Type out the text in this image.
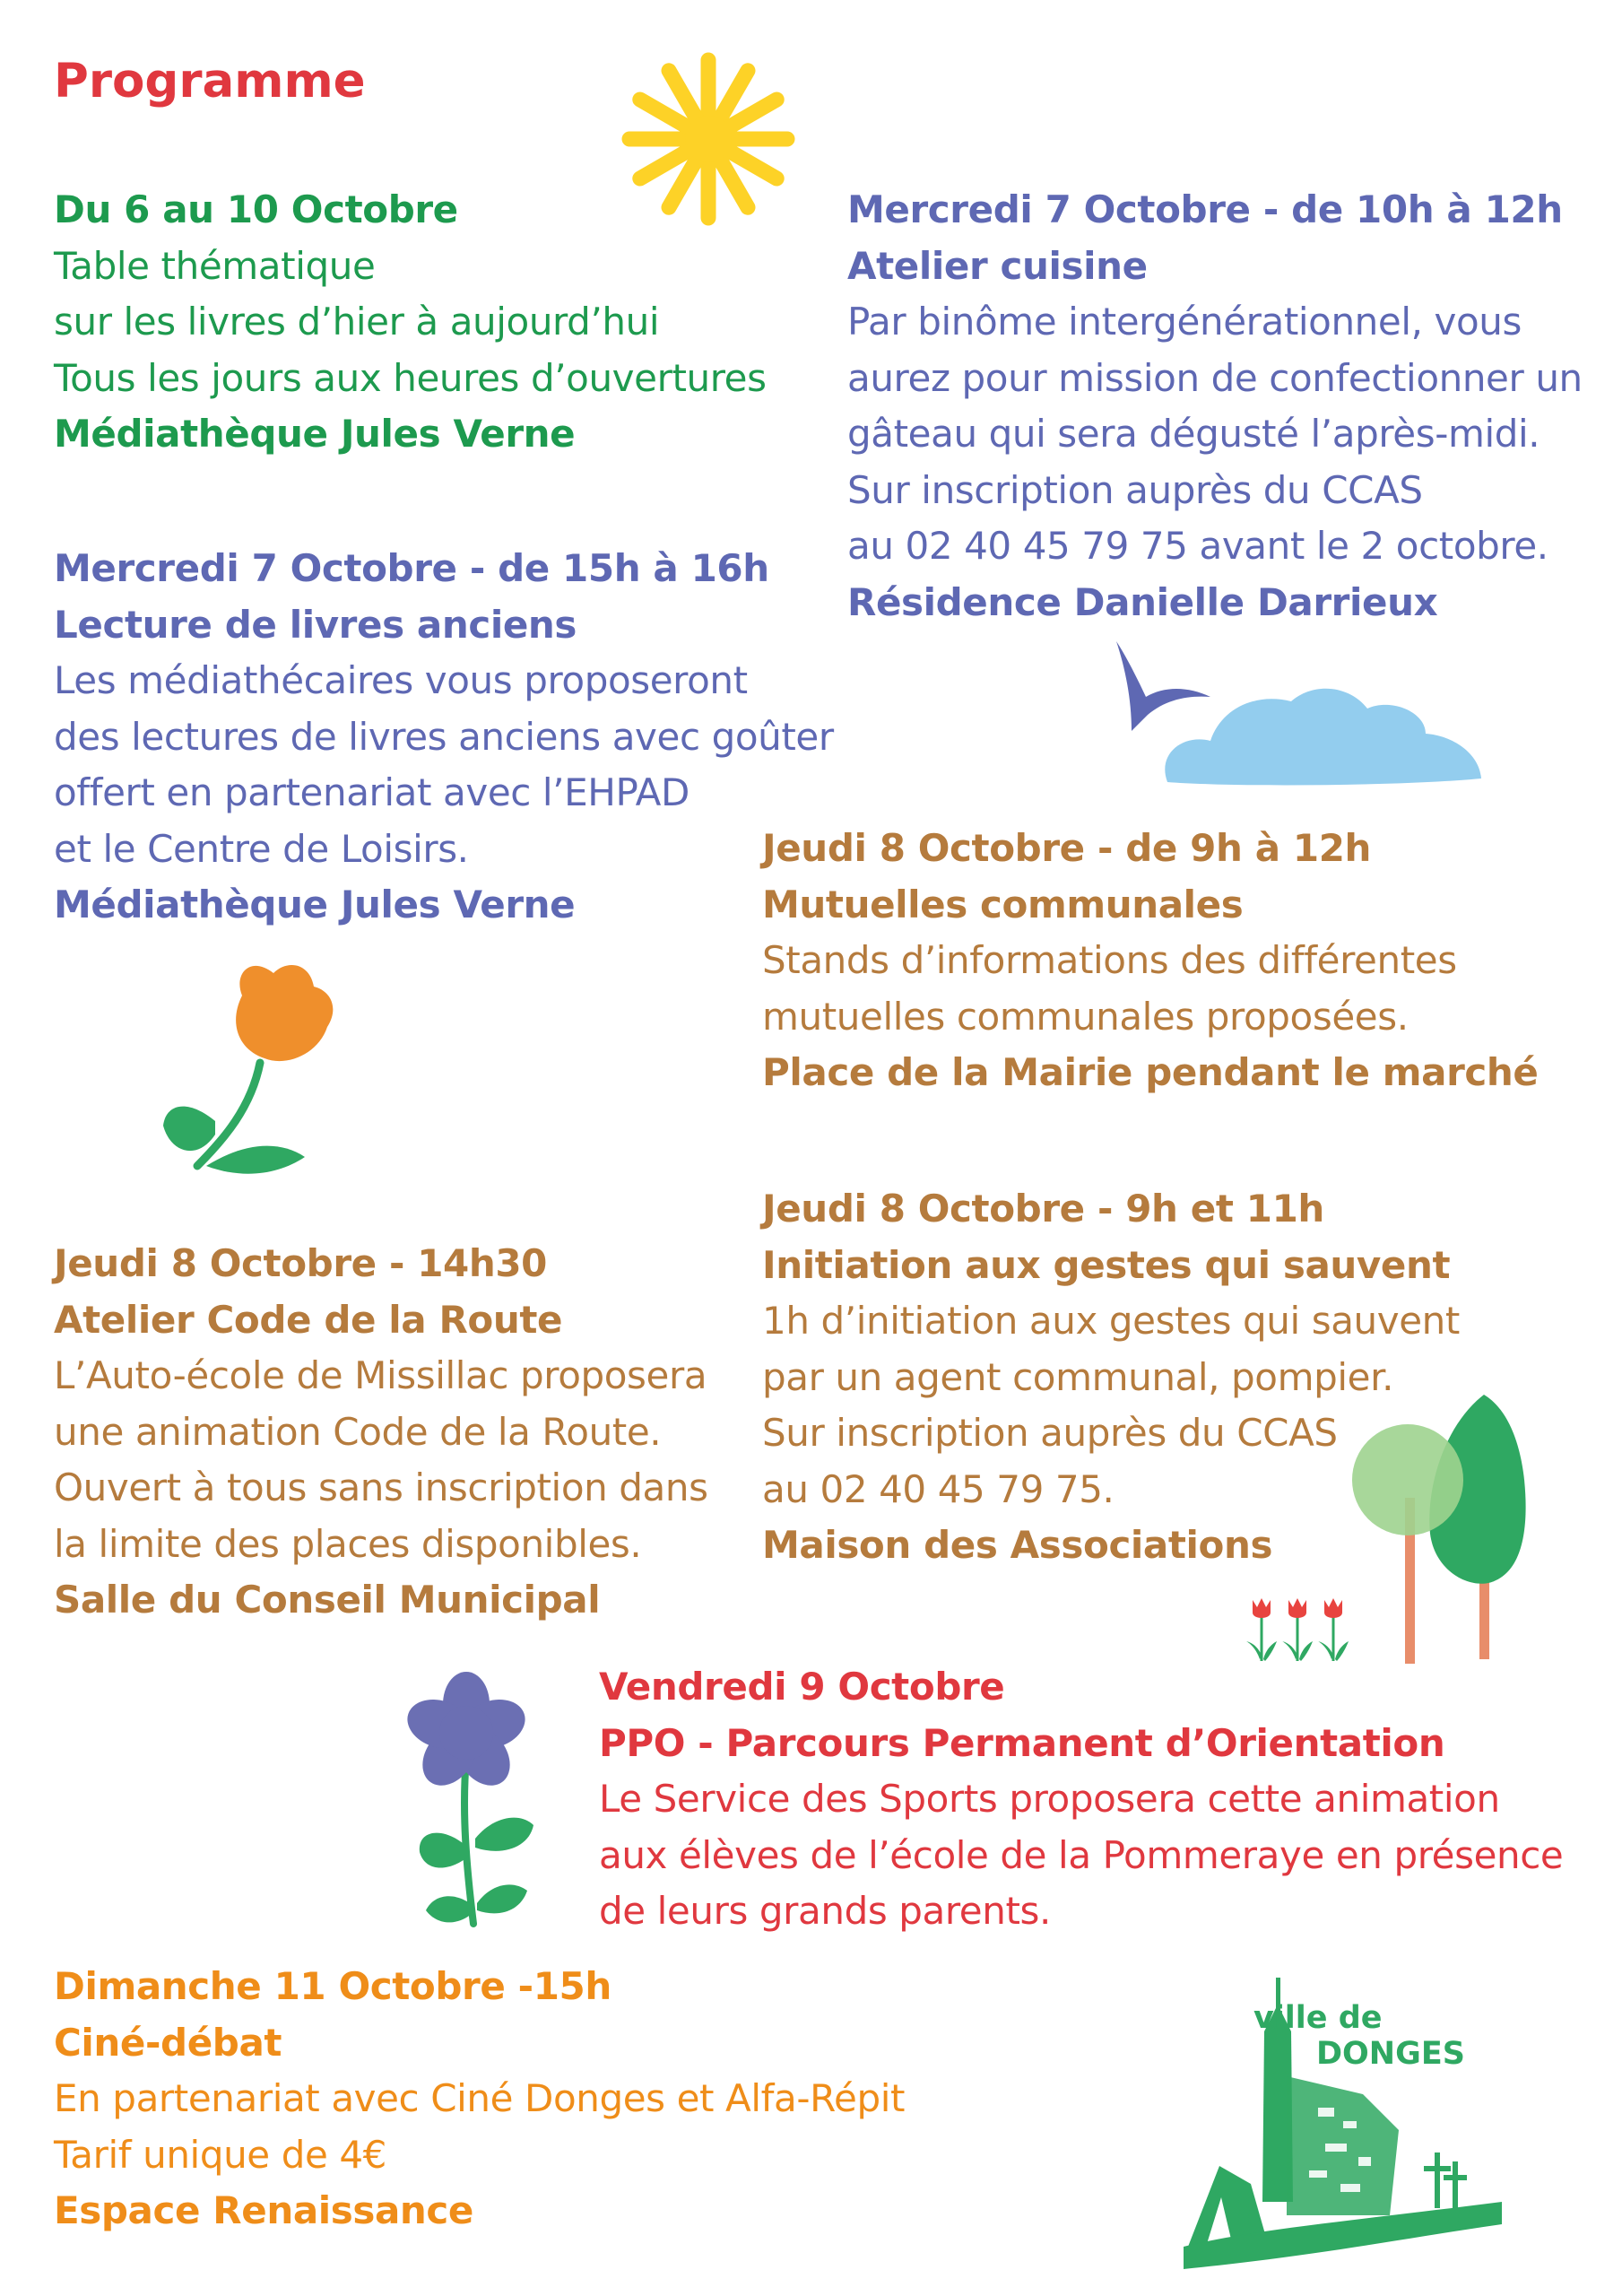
Programme
Du 6 au 10 Octobre
Table thématique
sur les livres d’hier à aujourd’hui
Tous les jours aux heures d’ouvertures
Médiathèque Jules Verne
Mercredi 7 Octobre - de 10h à 12h
Atelier cuisine
Par binôme intergénérationnel, vous
aurez pour mission de confectionner un
gâteau qui sera dégusté l’après-midi.
Sur inscription auprès du CCAS
au 02 40 45 79 75 avant le 2 octobre.
Résidence Danielle Darrieux
Mercredi 7 Octobre - de 15h à 16h
Lecture de livres anciens
Les médiathécaires vous proposeront
des lectures de livres anciens avec goûter
offert en partenariat avec l’EHPAD
et le Centre de Loisirs.
Médiathèque Jules Verne
Jeudi 8 Octobre - de 9h à 12h
Mutuelles communales
Stands d’informations des différentes
mutuelles communales proposées.
Place de la Mairie pendant le marché
Jeudi 8 Octobre - 9h et 11h
Initiation aux gestes qui sauvent
1h d’initiation aux gestes qui sauvent
par un agent communal, pompier.
Sur inscription auprès du CCAS
au 02 40 45 79 75.
Maison des Associations
Jeudi 8 Octobre - 14h30
Atelier Code de la Route
L’Auto-école de Missillac proposera
une animation Code de la Route.
Ouvert à tous sans inscription dans
la limite des places disponibles.
Salle du Conseil Municipal
Vendredi 9 Octobre
PPO - Parcours Permanent d’Orientation
Le Service des Sports proposera cette animation
aux élèves de l’école de la Pommeraye en présence
de leurs grands parents.
Dimanche 11 Octobre -15h
Ciné-débat
En partenariat avec Ciné Donges et Alfa-Répit
Tarif unique de 4€
Espace Renaissance
ville de
DONGES
